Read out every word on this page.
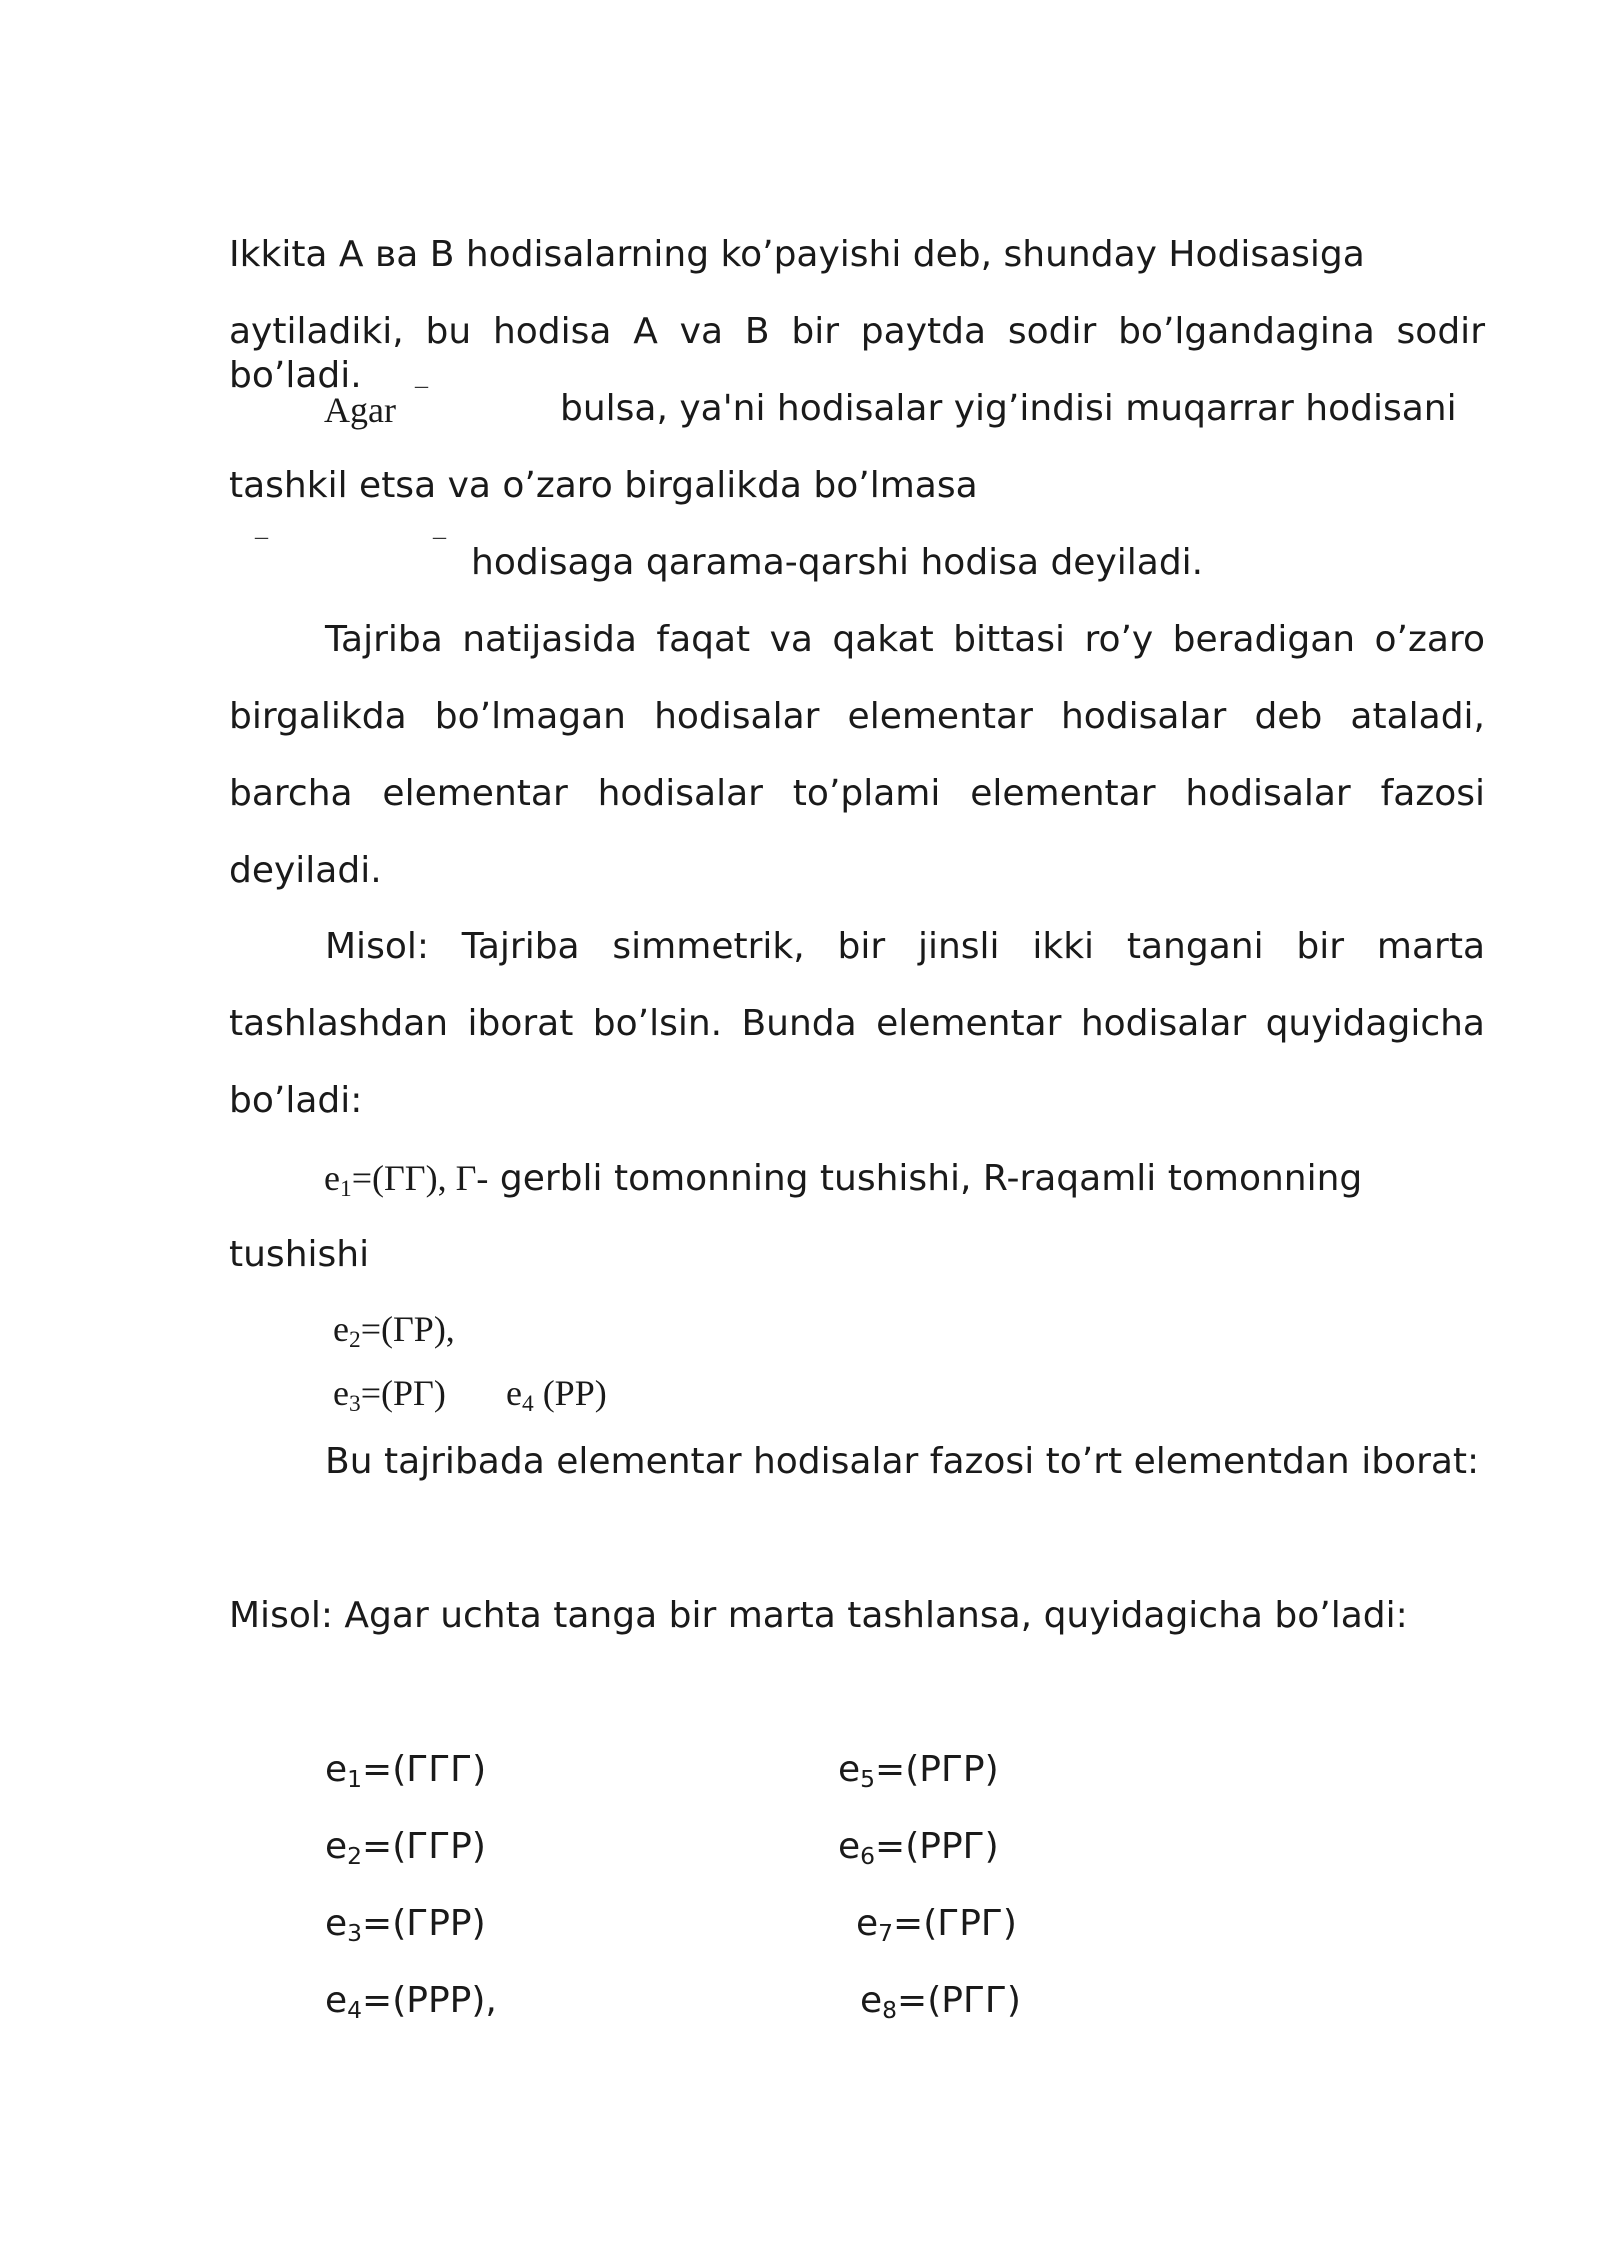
Ikkita A ва B hodisalarning ko’payishi deb, shunday Hodisasiga
aytiladiki, bu hodisa A va B bir paytda sodir bo’lgandagina sodir bo’ladi.
Agar ¯	bulsa, ya'ni hodisalar yig’indisi muqarrar hodisani
tashkil etsa va o’zaro birgalikda bo’lmasa
¯	¯ hodisaga qarama-qarshi hodisa deyiladi.
Tajriba natijasida faqat va qakat bittasi ro’y beradigan o’zaro
birgalikda bo’lmagan hodisalar elementar hodisalar deb ataladi,
barcha elementar hodisalar to’plami elementar hodisalar fazosi
deyiladi.
Misol: Tajriba simmetrik, bir jinsli ikki tangani bir marta
tashlashdan iborat bo’lsin. Bunda elementar hodisalar quyidagicha
bo’ladi:
$e_1=(ГГ)$, Г- gerbli tomonning tushishi, R-raqamli tomonning
tushishi
$e_2=(ГР)$,
$e_3=(РГ)$ $e_4$ (РР)
Bu tajribada elementar hodisalar fazosi to’rt elementdan iborat:
Misol: Agar uchta tanga bir marta tashlansa, quyidagicha bo’ladi:
$e_1=(ГГГ)$
$e_2=(ГГР)$
$e_3=(ГРР)$
$e_4=(РРР)$,
$e_5=(РГР)$
$e_6=(РРГ)$
$e_7=(ГРГ)$
$e_8=(РГГ)$
